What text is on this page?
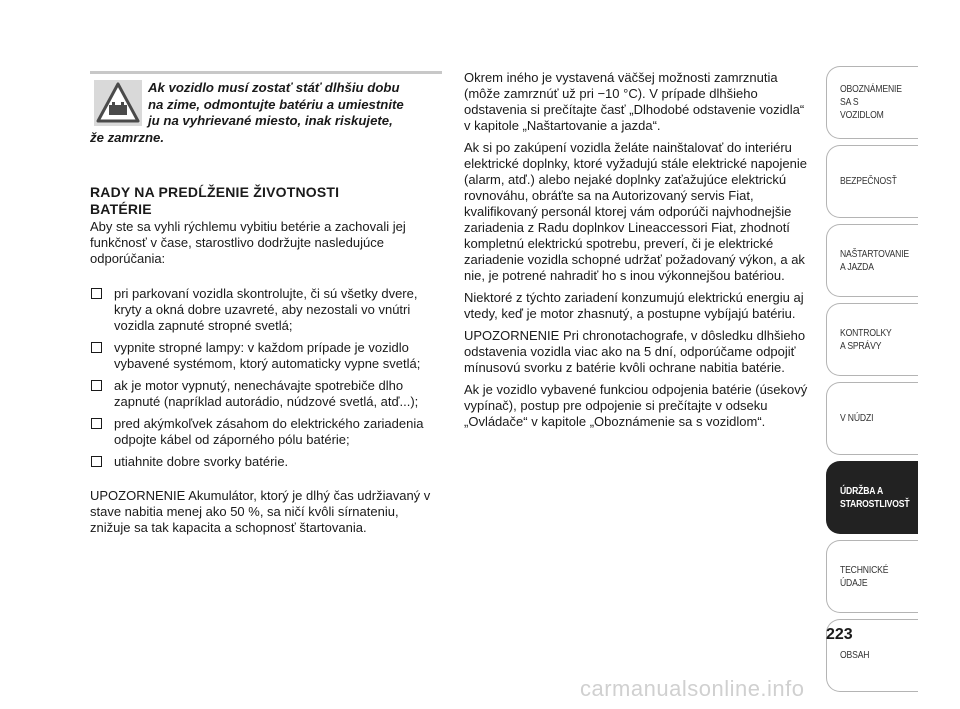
Ak vozidlo musí zostať stáť dlhšiu dobu
na zime, odmontujte batériu a umiestnite
ju na vyhrievané miesto, inak riskujete,

že zamrzne.

RADY NA PREDĹŽENIE ŽIVOTNOSTI
BATÉRIE

Aby ste sa vyhli rýchlemu vybitiu betérie a zachovali jej funkčnosť v čase, starostlivo dodržujte nasledujúce odporúčania:

pri parkovaní vozidla skontrolujte, či sú všetky dvere, kryty a okná dobre uzavreté, aby nezostali vo vnútri vozidla zapnuté stropné svetlá;
vypnite stropné lampy: v každom prípade je vozidlo vybavené systémom, ktorý automaticky vypne svetlá;
ak je motor vypnutý, nenechávajte spotrebiče dlho zapnuté (napríklad autorádio, núdzové svetlá, atď...);
pred akýmkoľvek zásahom do elektrického zariadenia odpojte kábel od záporného pólu batérie;
utiahnite dobre svorky batérie.

UPOZORNENIE Akumulátor, ktorý je dlhý čas udržiavaný v stave nabitia menej ako 50 %, sa ničí kvôli sírnateniu, znižuje sa tak kapacita a schopnosť štartovania.

Okrem iného je vystavená väčšej možnosti zamrznutia (môže zamrznúť už pri −10 °C). V prípade dlhšieho odstavenia si prečítajte časť „Dlhodobé odstavenie vozidla“ v kapitole „Naštartovanie a jazda“.

Ak si po zakúpení vozidla želáte nainštalovať do interiéru elektrické doplnky, ktoré vyžadujú stále elektrické napojenie (alarm, atď.) alebo nejaké doplnky zaťažujúce elektrickú rovnováhu, obráťte sa na Autorizovaný servis Fiat, kvalifikovaný personál ktorej vám odporúči najvhodnejšie zariadenia z Radu doplnkov Lineaccessori Fiat, zhodnotí kompletnú elektrickú spotrebu, preverí, či je elektrické zariadenie vozidla schopné udržať požadovaný výkon, a ak nie, je potrené nahradiť ho s inou výkonnejšou batériou.

Niektoré z týchto zariadení konzumujú elektrickú energiu aj vtedy, keď je motor zhasnutý, a postupne vybíjajú batériu.

UPOZORNENIE Pri chronotachografe, v dôsledku dlhšieho odstavenia vozidla viac ako na 5 dní, odporúčame odpojiť mínusovú svorku z batérie kvôli ochrane nabitia batérie.

Ak je vozidlo vybavené funkciou odpojenia batérie (úsekový vypínač), postup pre odpojenie si prečítajte v odseku „Ovládače“ v kapitole „Oboznámenie sa s vozidlom“.

OBOZNÁMENIE
SA S VOZIDLOM
BEZPEČNOSŤ
NAŠTARTOVANIE
A JAZDA
KONTROLKY
A SPRÁVY
V NÚDZI
ÚDRŽBA A
STAROSTLIVOSŤ
TECHNICKÉ
ÚDAJE
OBSAH
223
carmanualsonline.info
